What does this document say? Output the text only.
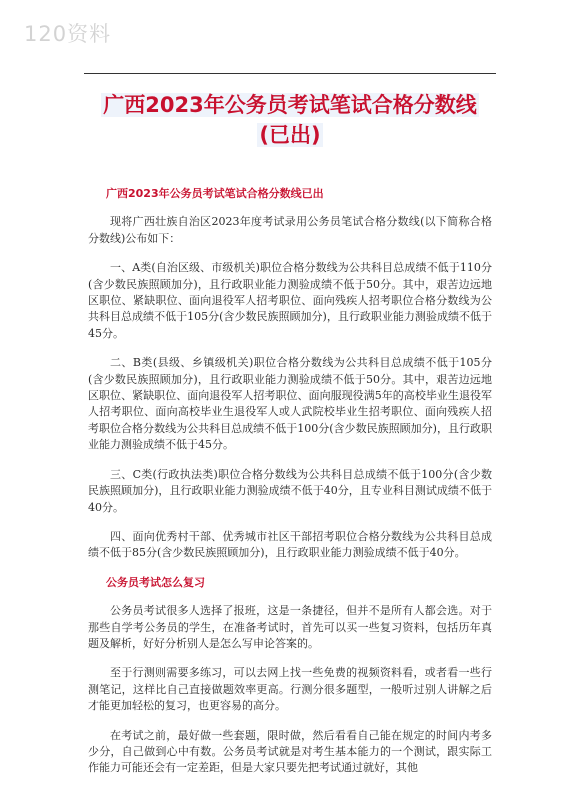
120资料
广西2023年公务员考试笔试合格分数线
(已出)
广西2023年公务员考试笔试合格分数线已出

现将广西壮族自治区2023年度考试录用公务员笔试合格分数线(以下简称合格分数线)公布如下：

一、A类(自治区级、市级机关)职位合格分数线为公共科目总成绩不低于110分(含少数民族照顾加分)，且行政职业能力测验成绩不低于50分。其中，艰苦边远地区职位、紧缺职位、面向退役军人招考职位、面向残疾人招考职位合格分数线为公共科目总成绩不低于105分(含少数民族照顾加分)，且行政职业能力测验成绩不低于45分。

二、B类(县级、乡镇级机关)职位合格分数线为公共科目总成绩不低于105分(含少数民族照顾加分)，且行政职业能力测验成绩不低于50分。其中，艰苦边远地区职位、紧缺职位、面向退役军人招考职位、面向服现役满5年的高校毕业生退役军人招考职位、面向高校毕业生退役军人或人武院校毕业生招考职位、面向残疾人招考职位合格分数线为公共科目总成绩不低于100分(含少数民族照顾加分)，且行政职业能力测验成绩不低于45分。

三、C类(行政执法类)职位合格分数线为公共科目总成绩不低于100分(含少数民族照顾加分)，且行政职业能力测验成绩不低于40分，且专业科目测试成绩不低于40分。

四、面向优秀村干部、优秀城市社区干部招考职位合格分数线为公共科目总成绩不低于85分(含少数民族照顾加分)，且行政职业能力测验成绩不低于40分。

公务员考试怎么复习

公务员考试很多人选择了报班，这是一条捷径，但并不是所有人都会选。对于那些自学考公务员的学生，在准备考试时，首先可以买一些复习资料，包括历年真题及解析，好好分析别人是怎么写申论答案的。

至于行测则需要多练习，可以去网上找一些免费的视频资料看，或者看一些行测笔记，这样比自己直接做题效率更高。行测分很多题型，一般听过别人讲解之后才能更加轻松的复习，也更容易的高分。

在考试之前，最好做一些套题，限时做，然后看看自己能在规定的时间内考多少分，自己做到心中有数。公务员考试就是对考生基本能力的一个测试，跟实际工作能力可能还会有一定差距，但是大家只要先把考试通过就好，其他
